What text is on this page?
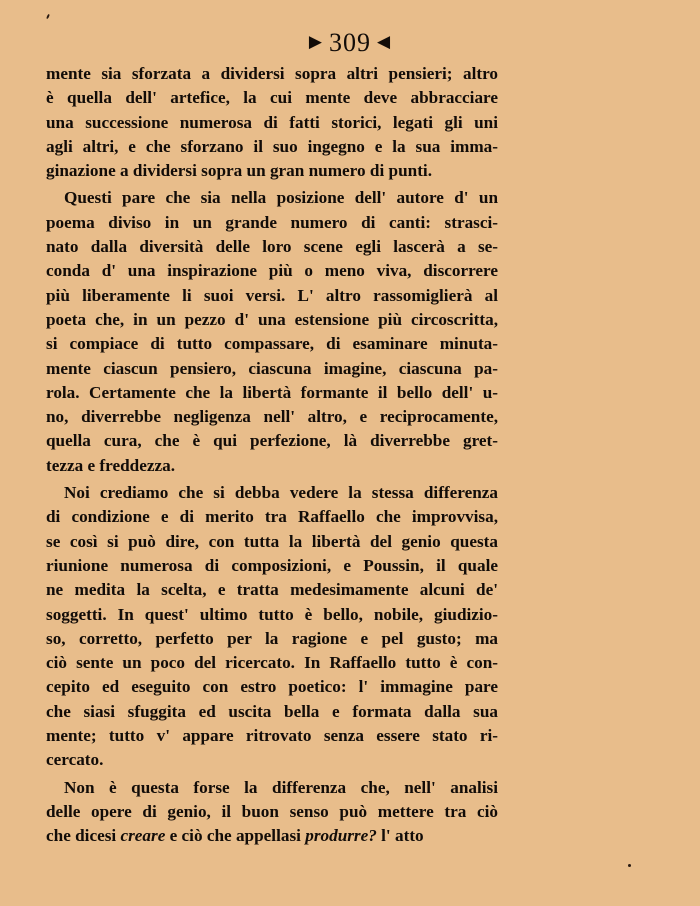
▶ 309 ◀
mente sia sforzata a dividersi sopra altri pensieri; altro
è quella dell' artefice, la cui mente deve abbracciare
una successione numerosa di fatti storici, legati gli uni
agli altri, e che sforzano il suo ingegno e la sua imma-
ginazione a dividersi sopra un gran numero di punti.
Questi pare che sia nella posizione dell' autore d' un
poema diviso in un grande numero di canti: strasci-
nato dalla diversità delle loro scene egli lascerà a se-
conda d' una inspirazione più o meno viva, discorrere
più liberamente li suoi versi. L' altro rassomiglierà al
poeta che, in un pezzo d' una estensione più circoscritta,
si compiace di tutto compassare, di esaminare minuta-
mente ciascun pensiero, ciascuna imagine, ciascuna pa-
rola. Certamente che la libertà formante il bello dell' u-
no, diverrebbe negligenza nell' altro, e reciprocamente,
quella cura, che è qui perfezione, là diverrebbe gret-
tezza e freddezza.
Noi crediamo che si debba vedere la stessa differenza
di condizione e di merito tra Raffaello che improvvisa,
se così si può dire, con tutta la libertà del genio questa
riunione numerosa di composizioni, e Poussin, il quale
ne medita la scelta, e tratta medesimamente alcuni de'
soggetti. In quest' ultimo tutto è bello, nobile, giudizio-
so, corretto, perfetto per la ragione e pel gusto; ma
ciò sente un poco del ricercato. In Raffaello tutto è con-
cepito ed eseguito con estro poetico: l' immagine pare
che siasi sfuggita ed uscita bella e formata dalla sua
mente; tutto v' appare ritrovato senza essere stato ri-
cercato.
Non è questa forse la differenza che, nell' analisi
delle opere di genio, il buon senso può mettere tra ciò
che dicesi creare e ciò che appellasi produrre? l' atto
